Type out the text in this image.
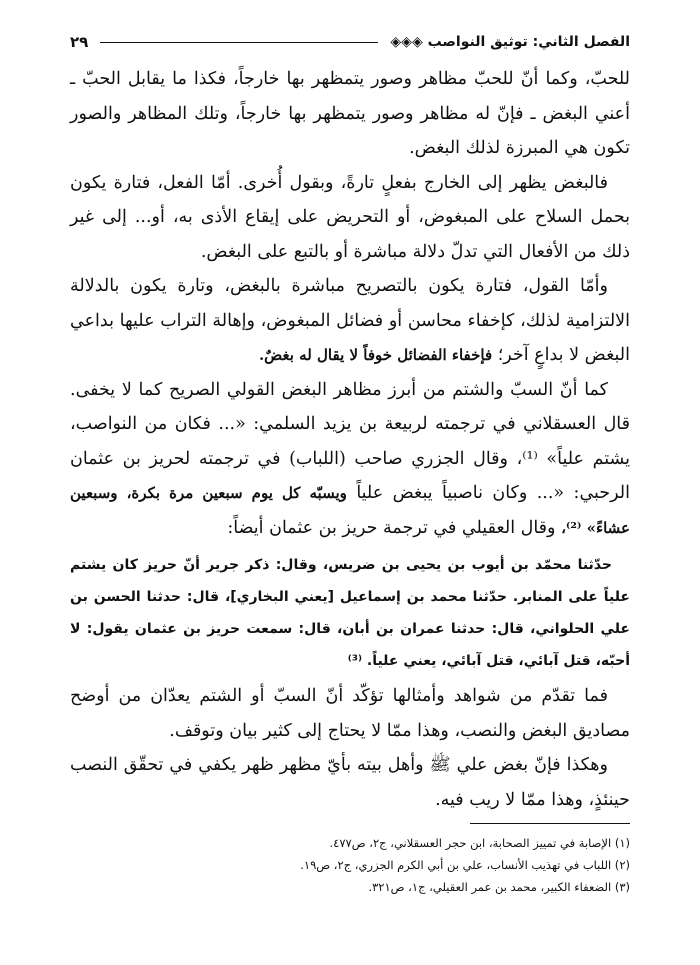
الفصل الثاني: توثيق النواصب ◈◈◈
٢٩

للحبّ، وكما أنّ للحبّ مظاهر وصور يتمظهر بها خارجاً، فكذا ما يقابل الحبّ ـ أعني البغض ـ فإنّ له مظاهر وصور يتمظهر بها خارجاً، وتلك المظاهر والصور تكون هي المبرزة لذلك البغض.

فالبغض يظهر إلى الخارج بفعلٍ تارةً، وبقول أُخرى. أمّا الفعل، فتارة يكون بحمل السلاح على المبغوض، أو التحريض على إيقاع الأذى به، أو... إلى غير ذلك من الأفعال التي تدلّ دلالة مباشرة أو بالتبع على البغض.

وأمّا القول، فتارة يكون بالتصريح مباشرة بالبغض، وتارة يكون بالدلالة الالتزامية لذلك، كإخفاء محاسن أو فضائل المبغوض، وإهالة التراب عليها بداعي البغض لا بداعٍ آخر؛ فإخفاء الفضائل خوفاً لا يقال له بغضٌ.

كما أنّ السبّ والشتم من أبرز مظاهر البغض القولي الصريح كما لا يخفى. قال العسقلاني في ترجمته لربيعة بن يزيد السلمي: «... فكان من النواصب، يشتم علياً» ⁽¹⁾، وقال الجزري صاحب (اللباب) في ترجمته لحريز بن عثمان الرحبي: «... وكان ناصبياً يبغض علياً ويسبّه كل يوم سبعين مرة بكرة، وسبعين عشاءً» ⁽²⁾، وقال العقيلي في ترجمة حريز بن عثمان أيضاً:

حدّثنا محمّد بن أيوب بن يحيى بن ضريس، وقال: ذكر جرير أنّ حريز كان يشتم علياً على المنابر. حدّثنا محمد بن إسماعيل [يعني البخاري]، قال: حدثنا الحسن بن علي الحلواني، قال: حدثنا عمران بن أبان، قال: سمعت حريز بن عثمان يقول: لا أحبّه، قتل آبائي، قتل آبائي، يعني علياً. ⁽³⁾

فما تقدّم من شواهد وأمثالها تؤكّد أنّ السبّ أو الشتم يعدّان من أوضح مصاديق البغض والنصب، وهذا ممّا لا يحتاج إلى كثير بيان وتوقف.

وهكذا فإنّ بغض علي ﷺ وأهل بيته بأيّ مظهر ظهر يكفي في تحقّق النصب حينئذٍ، وهذا ممّا لا ريب فيه.

(١) الإصابة في تمييز الصحابة، ابن حجر العسقلاني، ج٢، ص٤٧٧.

(٢) اللباب في تهذيب الأنساب، علي بن أبي الكرم الجزري، ج٢، ص١٩.

(٣) الضعفاء الكبير، محمد بن عمر العقيلي، ج١، ص٣٢١.
